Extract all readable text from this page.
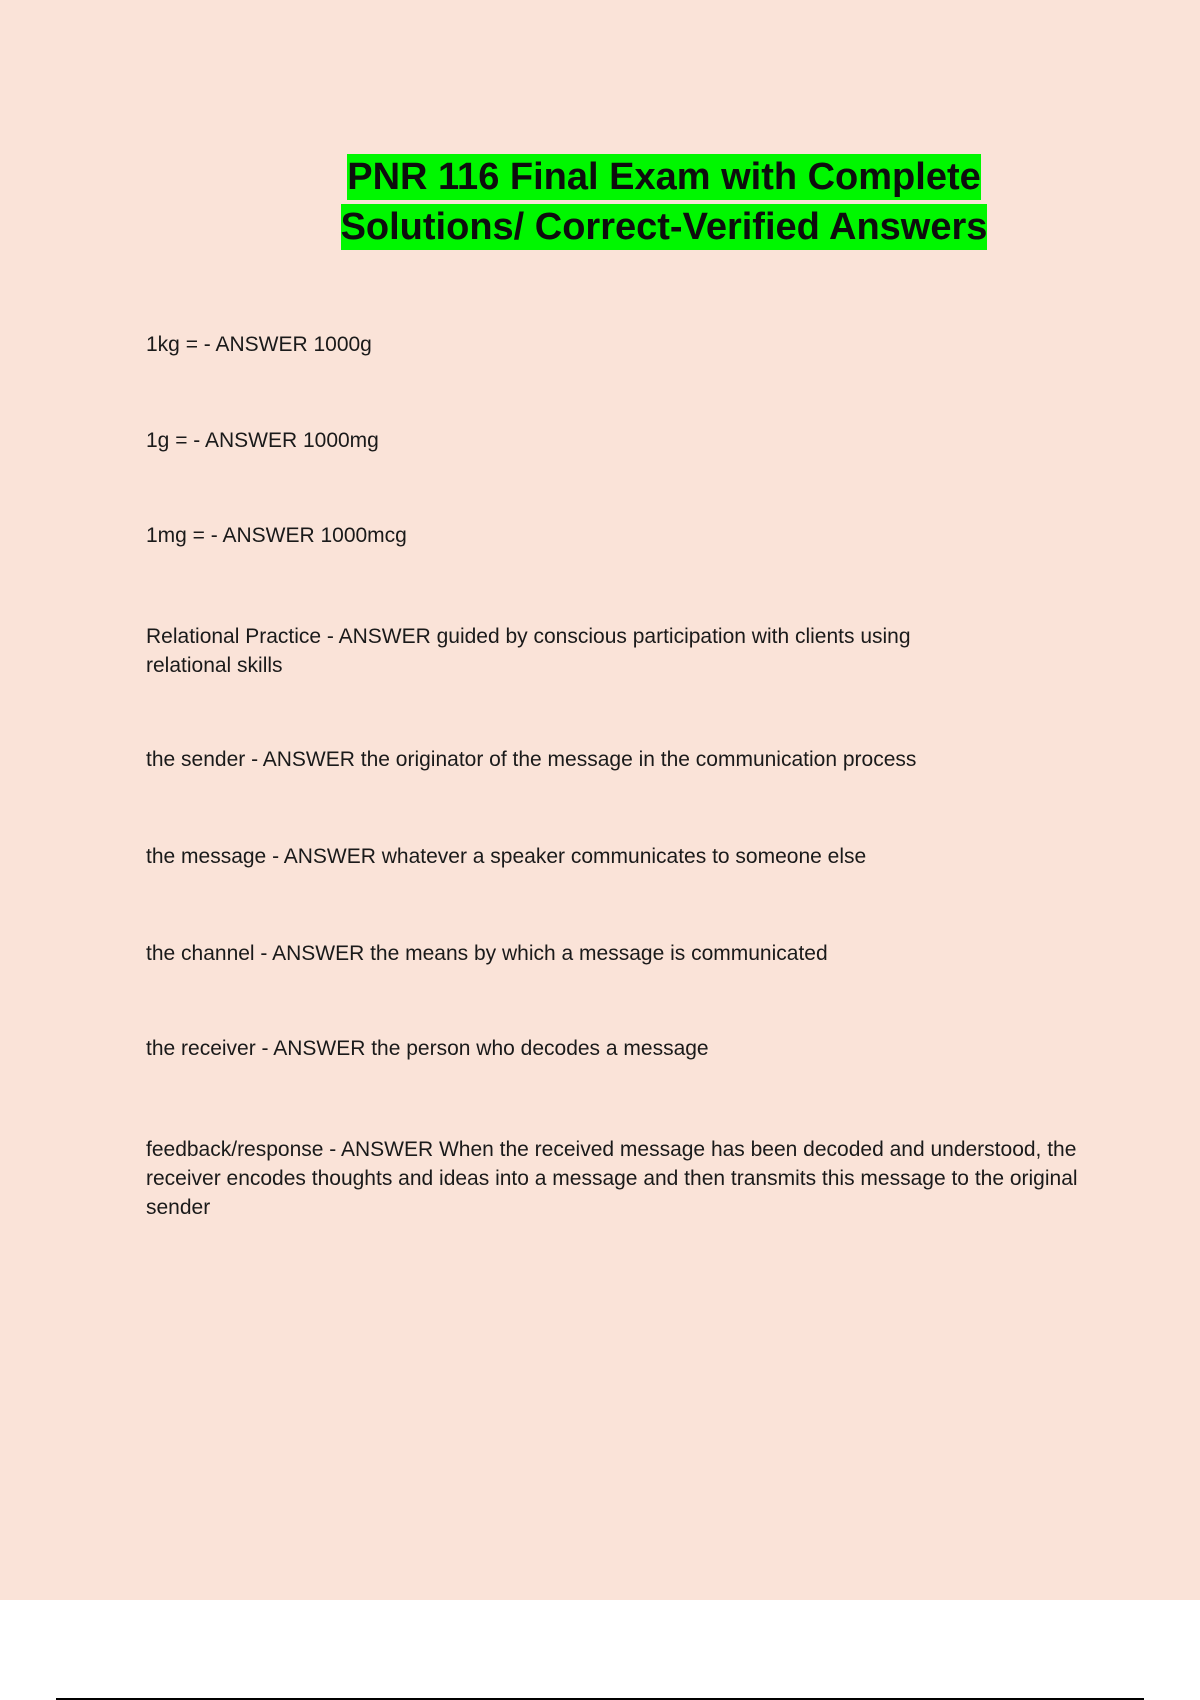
PNR 116 Final Exam with Complete
Solutions/ Correct-Verified Answers
1kg = - ANSWER 1000g
1g = - ANSWER 1000mg
1mg = - ANSWER 1000mcg
Relational Practice - ANSWER guided by conscious participation with clients using relational skills
the sender - ANSWER the originator of the message in the communication process
the message - ANSWER whatever a speaker communicates to someone else
the channel - ANSWER the means by which a message is communicated
the receiver - ANSWER the person who decodes a message
feedback/response - ANSWER When the received message has been decoded and understood, the receiver encodes thoughts and ideas into a message and then transmits this message to the original sender
